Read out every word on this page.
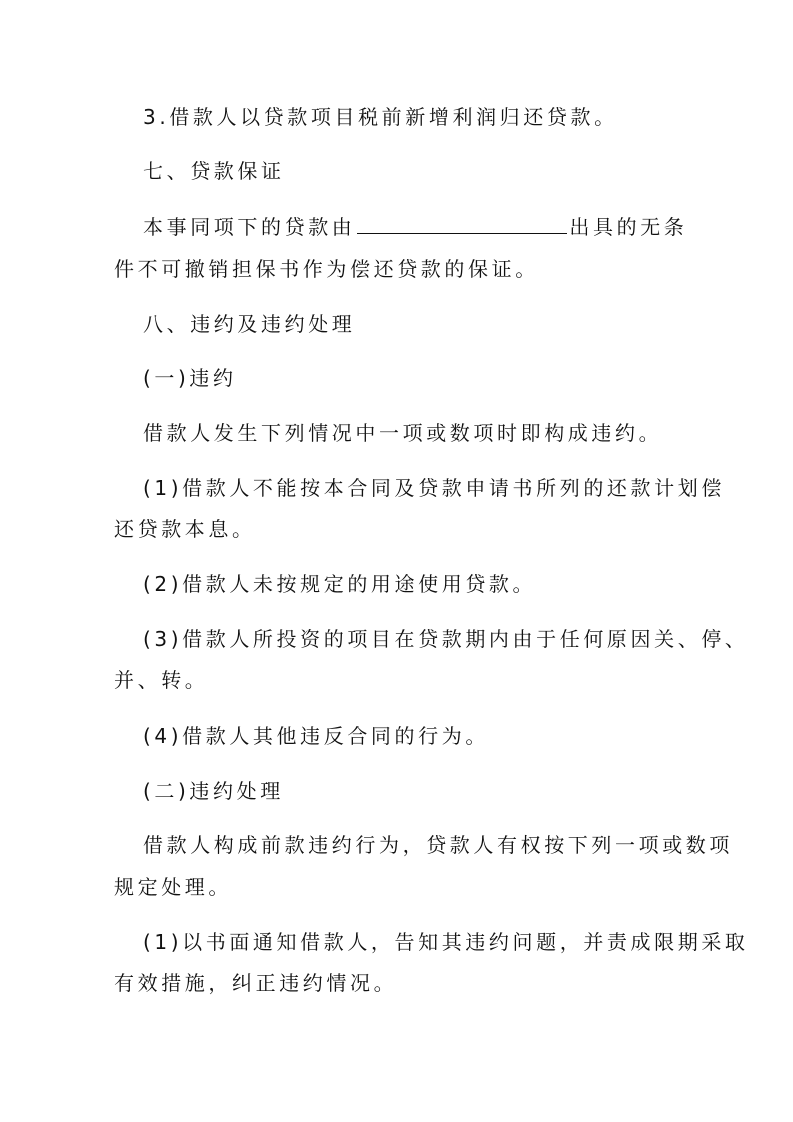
3.借款人以贷款项目税前新增利润归还贷款。
七、贷款保证
本事同项下的贷款由	出具的无条
件不可撤销担保书作为偿还贷款的保证。
八、违约及违约处理
(一)违约
借款人发生下列情况中一项或数项时即构成违约。
(1)借款人不能按本合同及贷款申请书所列的还款计划偿
还贷款本息。
(2)借款人未按规定的用途使用贷款。
(3)借款人所投资的项目在贷款期内由于任何原因关、停、
并、转。
(4)借款人其他违反合同的行为。
(二)违约处理
借款人构成前款违约行为，贷款人有权按下列一项或数项
规定处理。
(1)以书面通知借款人，告知其违约问题，并责成限期采取
有效措施，纠正违约情况。
